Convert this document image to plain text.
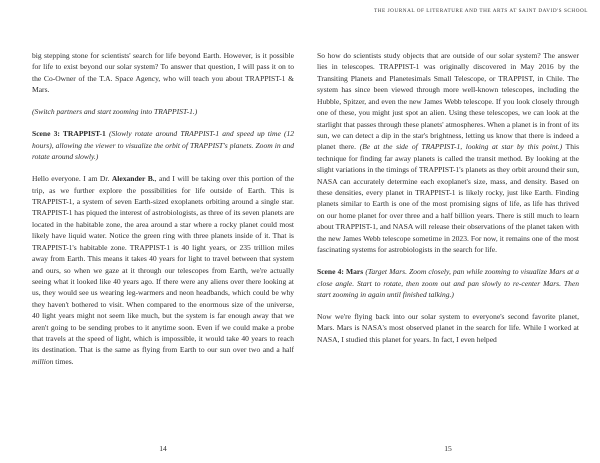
THE JOURNAL OF LITERATURE AND THE ARTS AT SAINT DAVID'S SCHOOL

big stepping stone for scientists' search for life beyond Earth. However, is it possible for life to exist beyond our solar system? To answer that question, I will pass it on to the Co-Owner of the T.A. Space Agency, who will teach you about TRAPPIST-1 & Mars.

(Switch partners and start zooming into TRAPPIST-1.)

Scene 3: TRAPPIST-1 (Slowly rotate around TRAPPIST-1 and speed up time (12 hours), allowing the viewer to visualize the orbit of TRAPPIST's planets. Zoom in and rotate around slowly.)

Hello everyone. I am Dr. Alexander B., and I will be taking over this portion of the trip, as we further explore the possibilities for life outside of Earth. This is TRAPPIST-1, a system of seven Earth-sized exoplanets orbiting around a single star. TRAPPIST-1 has piqued the interest of astrobiologists, as three of its seven planets are located in the habitable zone, the area around a star where a rocky planet could most likely have liquid water. Notice the green ring with three planets inside of it. That is TRAPPIST-1's habitable zone. TRAPPIST-1 is 40 light years, or 235 trillion miles away from Earth. This means it takes 40 years for light to travel between that system and ours, so when we gaze at it through our telescopes from Earth, we're actually seeing what it looked like 40 years ago. If there were any aliens over there looking at us, they would see us wearing leg-warmers and neon headbands, which could be why they haven't bothered to visit. When compared to the enormous size of the universe, 40 light years might not seem like much, but the system is far enough away that we aren't going to be sending probes to it anytime soon. Even if we could make a probe that travels at the speed of light, which is impossible, it would take 40 years to reach its destination. That is the same as flying from Earth to our sun over two and a half million times.

So how do scientists study objects that are outside of our solar system? The answer lies in telescopes. TRAPPIST-1 was originally discovered in May 2016 by the Transiting Planets and Planetesimals Small Telescope, or TRAPPIST, in Chile. The system has since been viewed through more well-known telescopes, including the Hubble, Spitzer, and even the new James Webb telescope. If you look closely through one of these, you might just spot an alien. Using these telescopes, we can look at the starlight that passes through these planets' atmospheres. When a planet is in front of its sun, we can detect a dip in the star's brightness, letting us know that there is indeed a planet there. (Be at the side of TRAPPIST-1, looking at star by this point.) This technique for finding far away planets is called the transit method. By looking at the slight variations in the timings of TRAPPIST-1's planets as they orbit around their sun, NASA can accurately determine each exoplanet's size, mass, and density. Based on these densities, every planet in TRAPPIST-1 is likely rocky, just like Earth. Finding planets similar to Earth is one of the most promising signs of life, as life has thrived on our home planet for over three and a half billion years. There is still much to learn about TRAPPIST-1, and NASA will release their observations of the planet taken with the new James Webb telescope sometime in 2023. For now, it remains one of the most fascinating systems for astrobiologists in the search for life.

Scene 4: Mars (Target Mars. Zoom closely, pan while zooming to visualize Mars at a close angle. Start to rotate, then zoom out and pan slowly to re-center Mars. Then start zooming in again until finished talking.)

Now we're flying back into our solar system to everyone's second favorite planet, Mars. Mars is NASA's most observed planet in the search for life. While I worked at NASA, I studied this planet for years. In fact, I even helped

14	15
